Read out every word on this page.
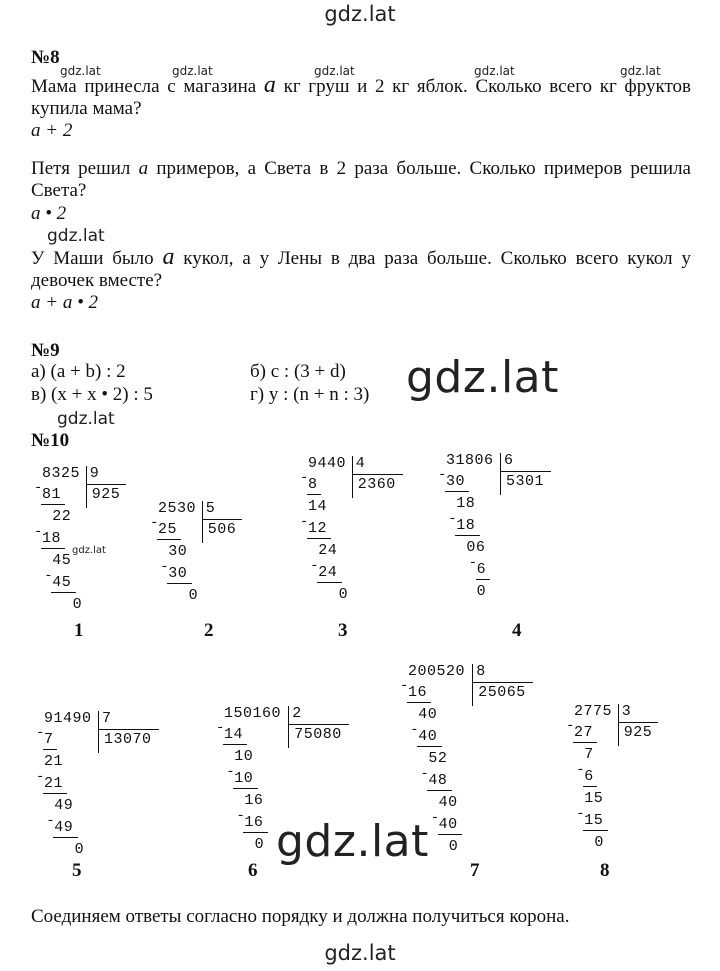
gdz.lat
gdz.lat	gdz.lat	gdz.lat	gdz.lat	gdz.lat
gdz.lat
gdz.lat
gdz.lat
gdz.lat
gdz.lat
№8
Мама принесла с магазина a кг груш и 2 кг яблок. Сколько всего кг фруктов купила мама?
a + 2
Петя решил a примеров, а Света в 2 раза больше. Сколько примеров решила Света?
a • 2
У Маши было a кукол, а у Лены в два раза больше. Сколько всего кукол у девочек вместе?
a + a • 2
№9
а) (a + b) : 2	б) c : (3 + d)
в) (x + x • 2) : 5	г) y : (n + n : 3)
№10
8325 9
925
81
-
22
18
-
45
45
-
0
1
2530 5
506
25
-
30
30
-
0
2
9440 4
2360
8
-
14
12
-
24
24
-
0
3
31806 6
5301
30
-
18
18
-
06
6
-
0
4
91490 7
13070
7
-
21
21
-
49
49
-
0
5
150160 2
75080
14
-
10
10
-
16
16
-
0
6
200520 8
25065
16
-
40
40
-
52
48
-
40
40
-
0
7
2775 3
925
27
-
7
6
-
15
15
-
0
8
Соединяем ответы согласно порядку и должна получиться корона.
gdz.lat
